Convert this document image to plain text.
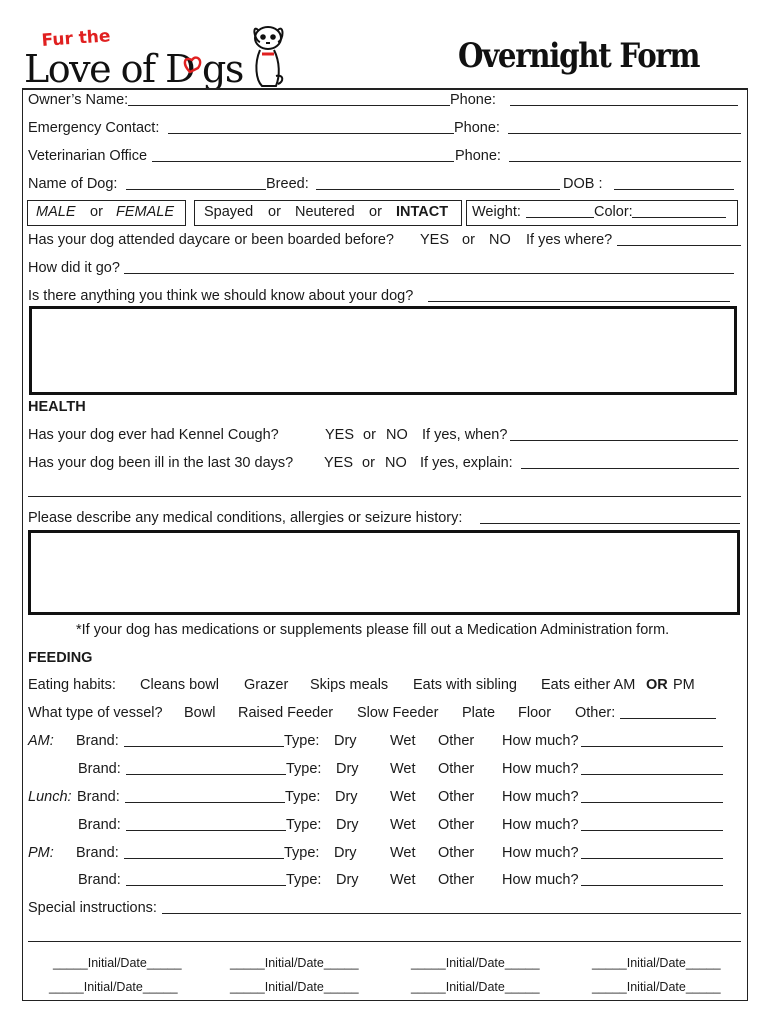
Fur the
Love of D gs	Overnight Form
Owner’s Name:	Phone:
Emergency Contact:	Phone:
Veterinarian Office	Phone:
Name of Dog:	Breed:	DOB :
MALE or FEMALE Spayed or Neutered or INTACT Weight:	Color:
Has your dog attended daycare or been boarded before? YES or NO If yes where?
How did it go?
Is there anything you think we should know about your dog?
HEALTH
Has your dog ever had Kennel Cough?	YES or NO If yes, when?
Has your dog been ill in the last 30 days? YES or NO If yes, explain:
Please describe any medical conditions, allergies or seizure history:
*If your dog has medications or supplements please fill out a Medication Administration form.
FEEDING
Eating habits: Cleans bowl Grazer Skips meals Eats with sibling Eats either AM OR PM
What type of vessel? Bowl Raised Feeder Slow Feeder Plate Floor Other:
AM: Brand:	Type: Dry Wet Other How much?
Brand:	Type: Dry Wet Other How much?
Lunch: Brand:	Type: Dry Wet Other How much?
Brand:	Type: Dry Wet Other How much?
PM: Brand:	Type: Dry Wet Other How much?
Brand:	Type: Dry Wet Other How much?
Special instructions:
_____Initial/Date_____	_____Initial/Date_____	_____Initial/Date_____	_____Initial/Date_____
_____Initial/Date_____	_____Initial/Date_____	_____Initial/Date_____	_____Initial/Date_____
